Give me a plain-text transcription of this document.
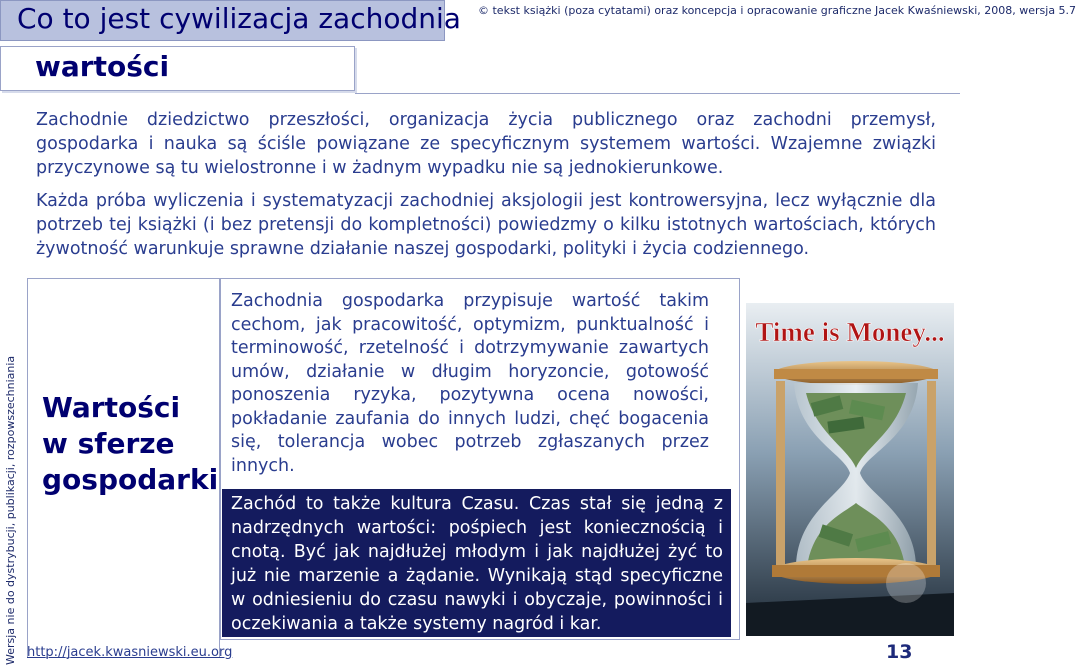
Co to jest cywilizacja zachodnia © tekst książki (poza cytatami) oraz koncepcja i opracowanie graficzne Jacek Kwaśniewski, 2008, wersja 5.7
wartości
Zachodnie dziedzictwo przeszłości, organizacja życia publicznego oraz zachodni przemysł, gospodarka i nauka są ściśle powiązane ze specyficznym systemem wartości. Wzajemne związki przyczynowe są tu wielostronne i w żadnym wypadku nie są jednokierunkowe.
Każda próba wyliczenia i systematyzacji zachodniej aksjologii jest kontrowersyjna, lecz wyłącznie dla potrzeb tej książki (i bez pretensji do kompletności) powiedzmy o kilku istotnych wartościach, których żywotność warunkuje sprawne działanie naszej gospodarki, polityki i życia codziennego.
Wersja nie do dystrybucji, publikacji, rozpowszechniania Wartości w sferze gospodarki
Zachodnia gospodarka przypisuje wartość takim cechom, jak pracowitość, optymizm, punktualność i terminowość, rzetelność i dotrzymywanie zawartych umów, działanie w długim horyzoncie, gotowość ponoszenia ryzyka, pozytywna ocena nowości, pokładanie zaufania do innych ludzi, chęć bogacenia się, tolerancja wobec potrzeb zgłaszanych przez innych.
Zachód to także kultura Czasu. Czas stał się jedną z nadrzędnych wartości: pośpiech jest koniecznością i cnotą. Być jak najdłużej młodym i jak najdłużej żyć to już nie marzenie a żądanie. Wynikają stąd specyficzne w odniesieniu do czasu nawyki i obyczaje, powinności i oczekiwania a także systemy nagród i kar.
Time is Money...
http://jacek.kwasniewski.eu.org	13
